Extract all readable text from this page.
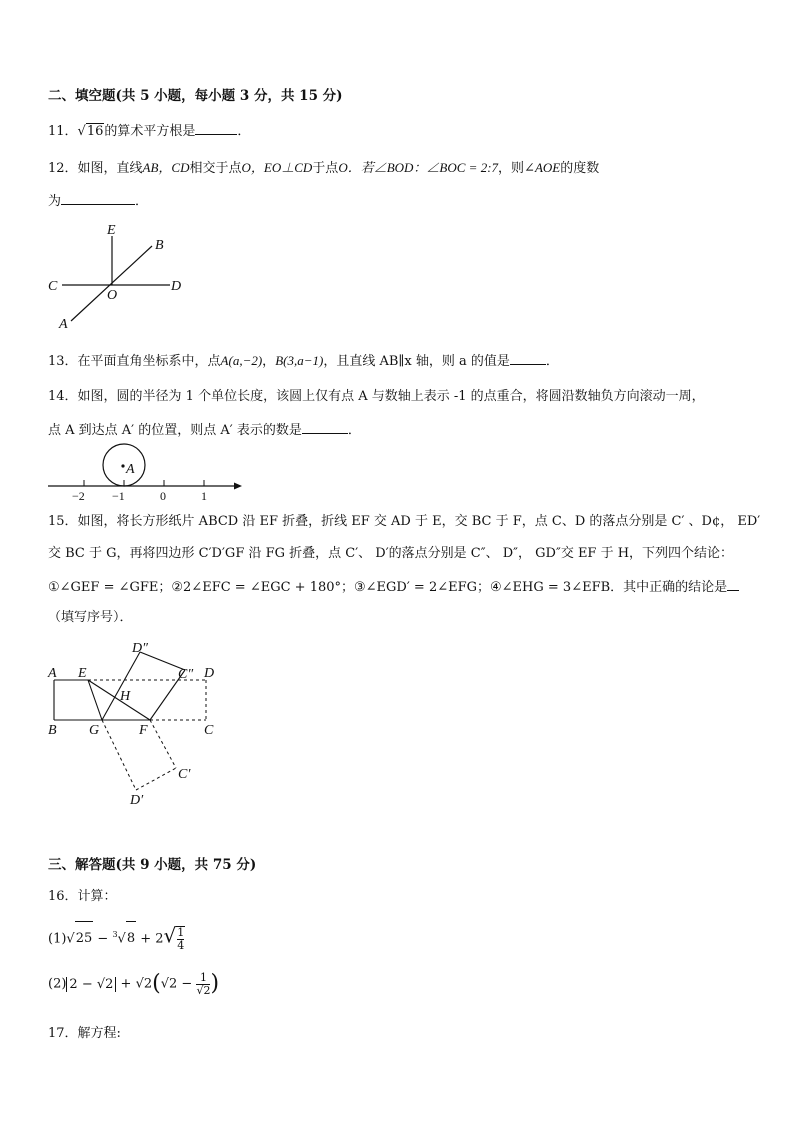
二、填空题(共 5 小题，每小题 3 分，共 15 分)
11．√16的算术平方根是	．
12．如图，直线AB，CD相交于点O，EO⊥CD于点O．若∠BOD：∠BOC = 2:7，则∠AOE的度数
为	．
E
B
C
O
D
A
13．在平面直角坐标系中，点A(a,−2)，B(3,a−1)，且直线 AB∥x 轴，则 a 的值是	．
14．如图，圆的半径为 1 个单位长度，该圆上仅有点 A 与数轴上表示 -1 的点重合，将圆沿数轴负方向滚动一周，
点 A 到达点 A′ 的位置，则点 A′ 表示的数是	．
A
−2 −1	0	1
15．如图，将长方形纸片 ABCD 沿 EF 折叠，折线 EF 交 AD 于 E，交 BC 于 F，点 C、D 的落点分别是 C′ 、D¢， ED′
交 BC 于 G，再将四边形 C′D′GF 沿 FG 折叠，点 C′、 D′的落点分别是 C″、 D″， GD″交 EF 于 H，下列四个结论：
①∠GEF = ∠GFE；②2∠EFC = ∠EGC + 180°；③∠EGD′ = 2∠EFG；④∠EHG = 3∠EFB．其中正确的结论是
（填写序号）．
D″
C″ D
A E
H
B G	F	C
C′
D′
三、解答题(共 9 小题，共 75 分)
16．计算：
$(1)√25 - ^3√8 + 2√ \frac{1}{4}$
(2) $2 - √2 + √2(√2 - \frac{1}{√2}$ )
17．解方程:
